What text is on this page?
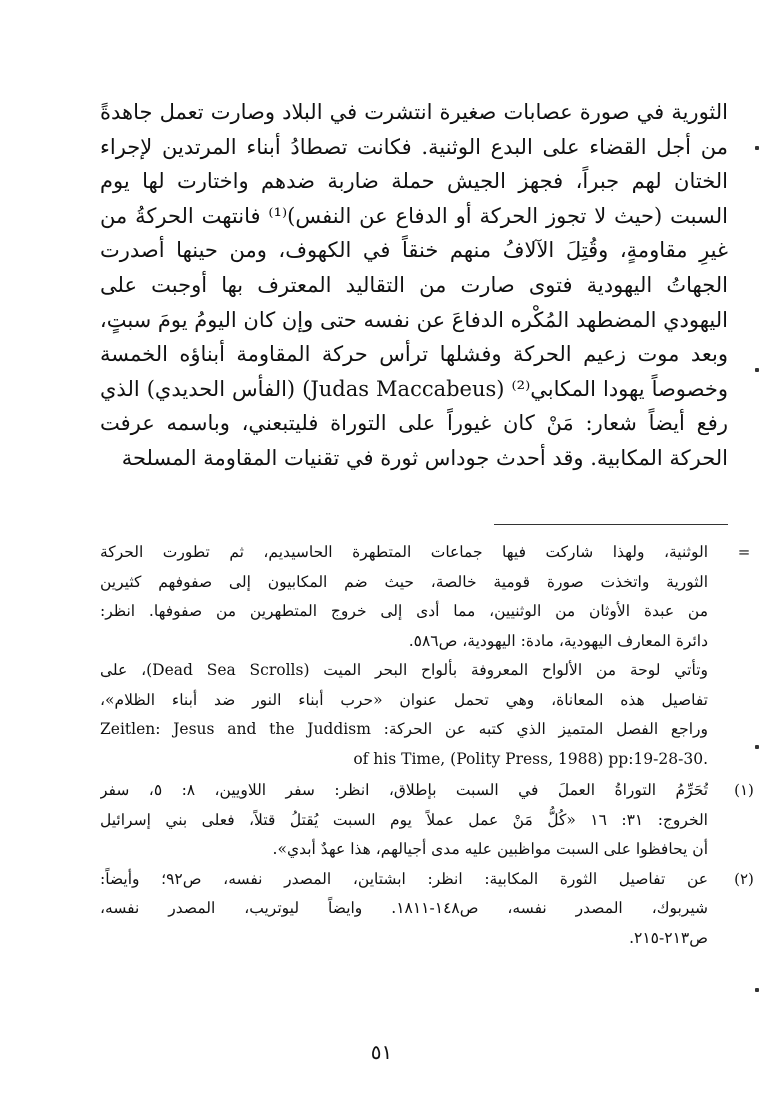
الثورية في صورة عصابات صغيرة انتشرت في البلاد وصارت تعمل جاهدةً
من أجل القضاء على البدع الوثنية. فكانت تصطادُ أبناء المرتدين لإجراء
الختان لهم جبراً، فجهز الجيش حملة ضاربة ضدهم واختارت لها يوم
السبت (حيث لا تجوز الحركة أو الدفاع عن النفس)⁽¹⁾ فانتهت الحركةُ من
غيرِ مقاومةٍ، وقُتِلَ الآلافُ منهم خنقاً في الكهوف، ومن حينها أصدرت
الجهاتُ اليهودية فتوى صارت من التقاليد المعترف بها أوجبت على
اليهودي المضطهد المُكْره الدفاعَ عن نفسه حتى وإن كان اليومُ يومَ سبتٍ،
وبعد موت زعيم الحركة وفشلها ترأس حركة المقاومة أبناؤه الخمسة
وخصوصاً يهودا المكابي⁽²⁾ (Judas Maccabeus) (الفأس الحديدي) الذي
رفع أيضاً شعار: مَنْ كان غيوراً على التوراة فليتبعني، وباسمه عرفت
الحركة المكابية. وقد أحدث جوداس ثورة في تقنيات المقاومة المسلحة
=
الوثنية، ولهذا شاركت فيها جماعات المتطهرة الحاسيديم، ثم تطورت الحركة
الثورية واتخذت صورة قومية خالصة، حيث ضم المكابيون إلى صفوفهم كثيرين
من عبدة الأوثان من الوثنيين، مما أدى إلى خروج المتطهرين من صفوفها. انظر:
دائرة المعارف اليهودية، مادة: اليهودية، ص٥٨٦.
وتأتي لوحة من الألواح المعروفة بألواح البحر الميت (Dead Sea Scrolls)، على
تفاصيل هذه المعاناة، وهي تحمل عنوان «حرب أبناء النور ضد أبناء الظلام»،
وراجع الفصل المتميز الذي كتبه عن الحركة: Zeitlen: Jesus and the Juddism
.of his Time, (Polity Press, 1988) pp:19-28-30
(١)
تُحَرِّمُ التوراةُ العملَ في السبت بإطلاق، انظر: سفر اللاويين، ٨: ٥، سفر
الخروج: ٣١: ١٦ «كُلُّ مَنْ عمل عملاً يوم السبت يُقتلُ قتلاً، فعلى بني إسرائيل
أن يحافظوا على السبت مواظبين عليه مدى أجيالهم، هذا عهدٌ أبدي».
(٢)
عن تفاصيل الثورة المكابية: انظر: ابشتاين، المصدر نفسه، ص٩٢؛ وأيضاً:
شيربوك، المصدر نفسه، ص١٤٨-١٨١١. وايضاً ليوتريب، المصدر نفسه،
ص٢١٣-٢١٥.
٥١
